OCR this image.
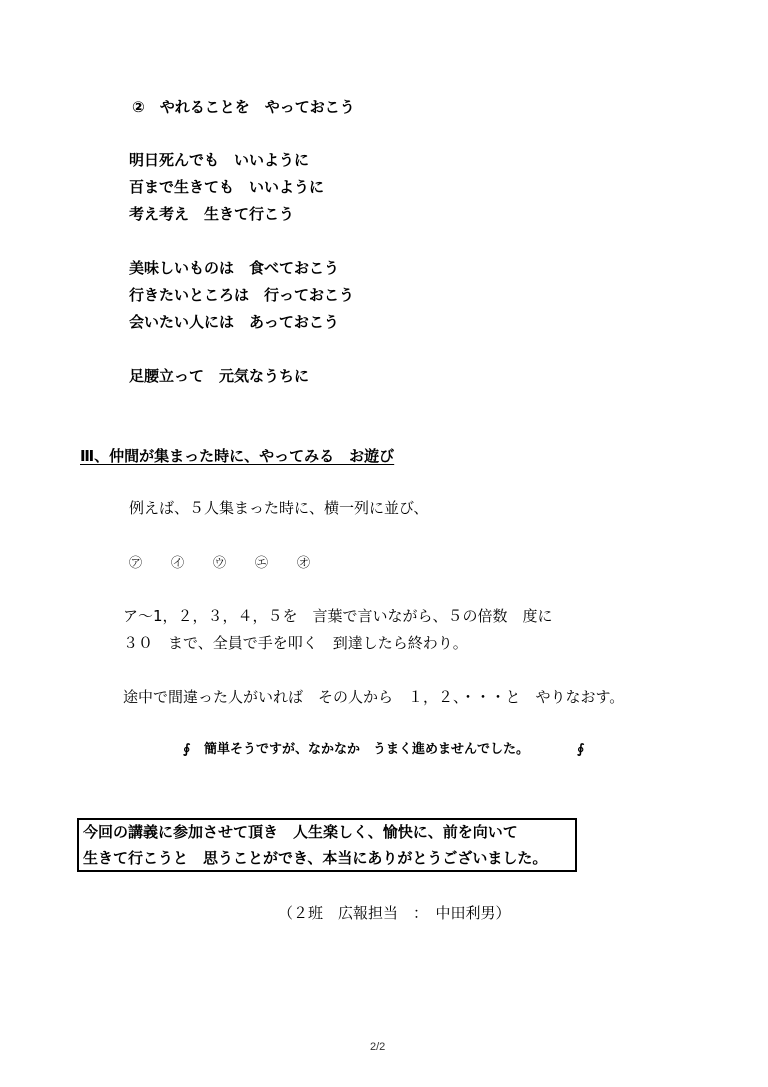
②　やれることを　やっておこう
明日死んでも　いいように
百まで生きても　いいように
考え考え　生きて行こう
美味しいものは　食べておこう
行きたいところは　行っておこう
会いたい人には　あっておこう
足腰立って　元気なうちに
Ⅲ、仲間が集まった時に、やってみる　お遊び
例えば、５人集まった時に、横一列に並び、
㋐	㋑	㋒	㋓	㋔
ア～1，２，３，４，５を　言葉で言いながら、５の倍数　度に
３０　まで、全員で手を叩く　到達したら終わり。
途中で間違った人がいれば　その人から　１，２、・・・と　やりなおす。
∮ 簡単そうですが、なかなか　うまく進めませんでした。	∮
今回の講義に参加させて頂き　人生楽しく、愉快に、前を向いて
生きて行こうと　思うことができ、本当にありがとうございました。
（２班　広報担当　：　中田利男）
2/2
